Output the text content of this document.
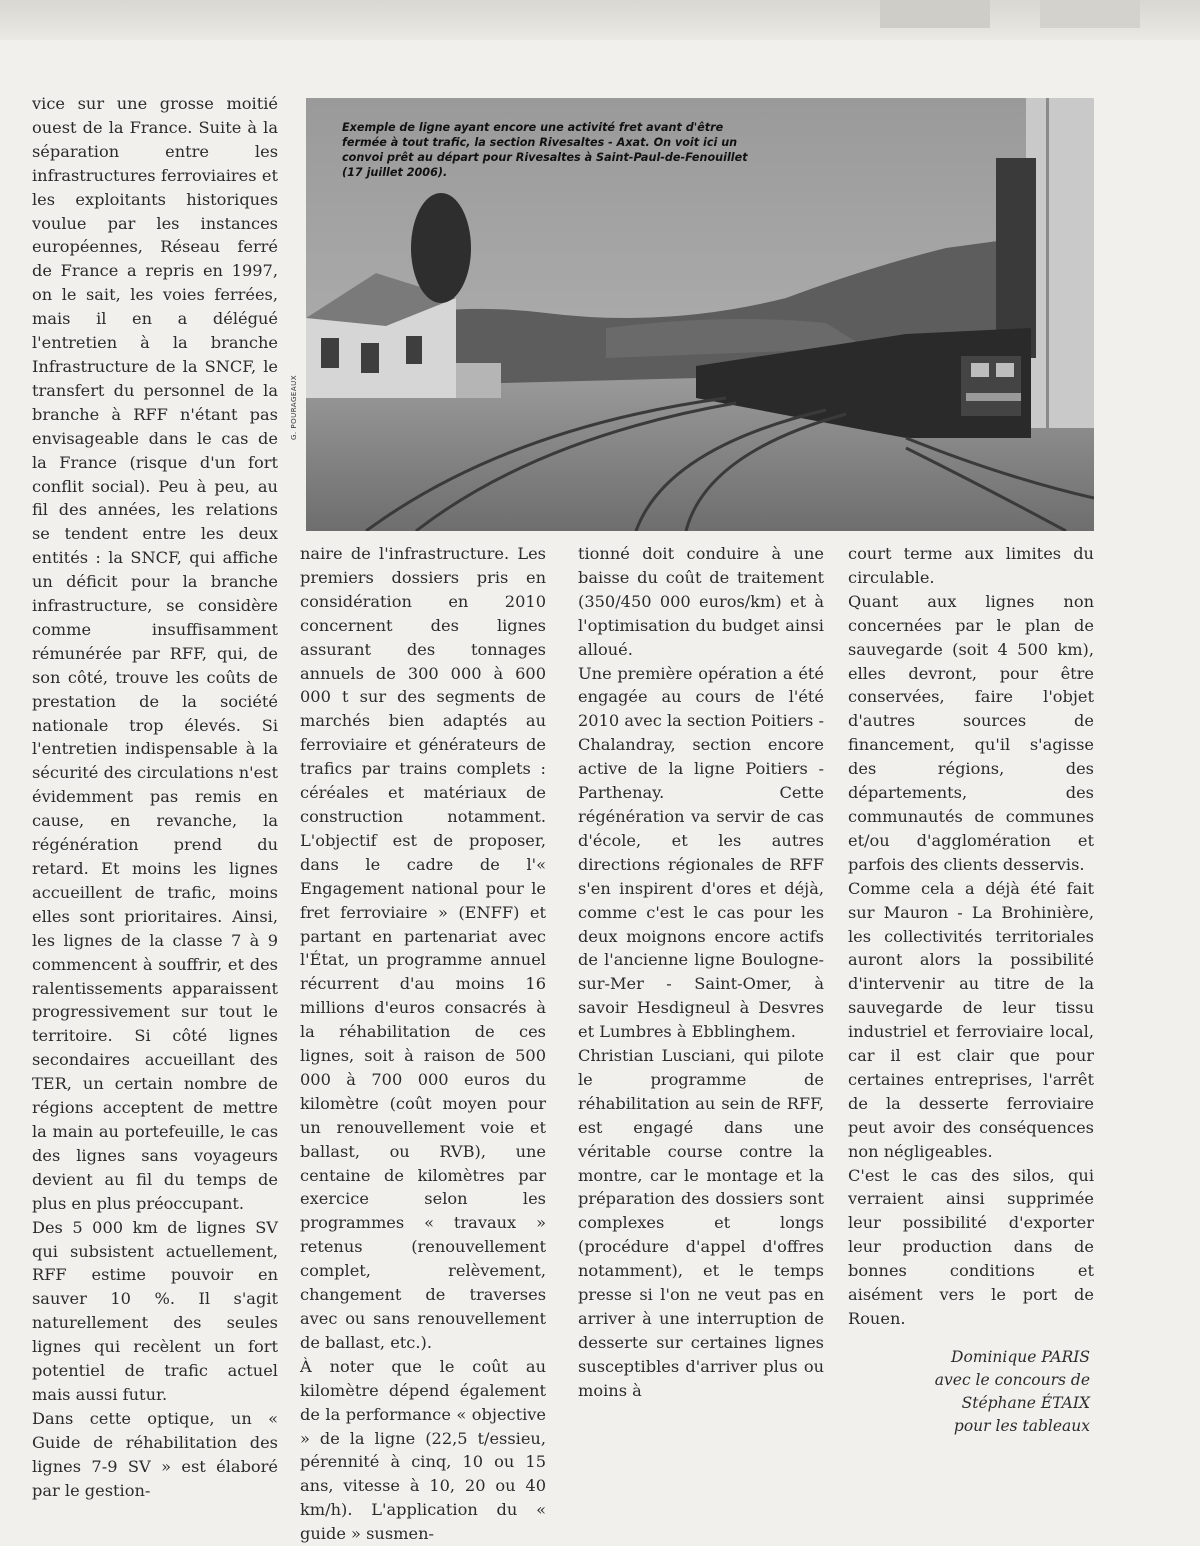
vice sur une grosse moitié ouest de la France. Suite à la séparation entre les infrastructures ferroviaires et les exploitants historiques voulue par les instances européennes, Réseau ferré de France a repris en 1997, on le sait, les voies ferrées, mais il en a délégué l'entretien à la branche Infrastructure de la SNCF, le transfert du personnel de la branche à RFF n'étant pas envisageable dans le cas de la France (risque d'un fort conflit social). Peu à peu, au fil des années, les relations se tendent entre les deux entités : la SNCF, qui affiche un déficit pour la branche infrastructure, se considère comme insuffisamment rémunérée par RFF, qui, de son côté, trouve les coûts de prestation de la société nationale trop élevés. Si l'entretien indispensable à la sécurité des circulations n'est évidemment pas remis en cause, en revanche, la régénération prend du retard. Et moins les lignes accueillent de trafic, moins elles sont prioritaires. Ainsi, les lignes de la classe 7 à 9 commencent à souffrir, et des ralentissements apparaissent progressivement sur tout le territoire. Si côté lignes secondaires accueillant des TER, un certain nombre de régions acceptent de mettre la main au portefeuille, le cas des lignes sans voyageurs devient au fil du temps de plus en plus préoccupant.

Des 5 000 km de lignes SV qui subsistent actuellement, RFF estime pouvoir en sauver 10 %. Il s'agit naturellement des seules lignes qui recèlent un fort potentiel de trafic actuel mais aussi futur.

Dans cette optique, un « Guide de réhabilitation des lignes 7-9 SV » est élaboré par le gestion-

Exemple de ligne ayant encore une activité fret avant d'être fermée à tout trafic, la section Rivesaltes - Axat. On voit ici un convoi prêt au départ pour Rivesaltes à Saint-Paul-de-Fenouillet (17 juillet 2006).
G. POURAGEAUX

naire de l'infrastructure. Les premiers dossiers pris en considération en 2010 concernent des lignes assurant des tonnages annuels de 300 000 à 600 000 t sur des segments de marchés bien adaptés au ferroviaire et générateurs de trafics par trains complets : céréales et matériaux de construction notamment. L'objectif est de proposer, dans le cadre de l'« Engagement national pour le fret ferroviaire » (ENFF) et partant en partenariat avec l'État, un programme annuel récurrent d'au moins 16 millions d'euros consacrés à la réhabilitation de ces lignes, soit à raison de 500 000 à 700 000 euros du kilomètre (coût moyen pour un renouvellement voie et ballast, ou RVB), une centaine de kilomètres par exercice selon les programmes « travaux » retenus (renouvellement complet, relèvement, changement de traverses avec ou sans renouvellement de ballast, etc.).

À noter que le coût au kilomètre dépend également de la performance « objective » de la ligne (22,5 t/essieu, pérennité à cinq, 10 ou 15 ans, vitesse à 10, 20 ou 40 km/h). L'application du « guide » susmen-

tionné doit conduire à une baisse du coût de traitement (350/450 000 euros/km) et à l'optimisation du budget ainsi alloué.

Une première opération a été engagée au cours de l'été 2010 avec la section Poitiers - Chalandray, section encore active de la ligne Poitiers - Parthenay. Cette régénération va servir de cas d'école, et les autres directions régionales de RFF s'en inspirent d'ores et déjà, comme c'est le cas pour les deux moignons encore actifs de l'ancienne ligne Boulogne-sur-Mer - Saint-Omer, à savoir Hesdigneul à Desvres et Lumbres à Ebblinghem.

Christian Lusciani, qui pilote le programme de réhabilitation au sein de RFF, est engagé dans une véritable course contre la montre, car le montage et la préparation des dossiers sont complexes et longs (procédure d'appel d'offres notamment), et le temps presse si l'on ne veut pas en arriver à une interruption de desserte sur certaines lignes susceptibles d'arriver plus ou moins à

court terme aux limites du circulable.

Quant aux lignes non concernées par le plan de sauvegarde (soit 4 500 km), elles devront, pour être conservées, faire l'objet d'autres sources de financement, qu'il s'agisse des régions, des départements, des communautés de communes et/ou d'agglomération et parfois des clients desservis.

Comme cela a déjà été fait sur Mauron - La Brohinière, les collectivités territoriales auront alors la possibilité d'intervenir au titre de la sauvegarde de leur tissu industriel et ferroviaire local, car il est clair que pour certaines entreprises, l'arrêt de la desserte ferroviaire peut avoir des conséquences non négligeables.

C'est le cas des silos, qui verraient ainsi supprimée leur possibilité d'exporter leur production dans de bonnes conditions et aisément vers le port de Rouen.

Dominique PARIS
avec le concours de
Stéphane ÉTAIX
pour les tableaux
